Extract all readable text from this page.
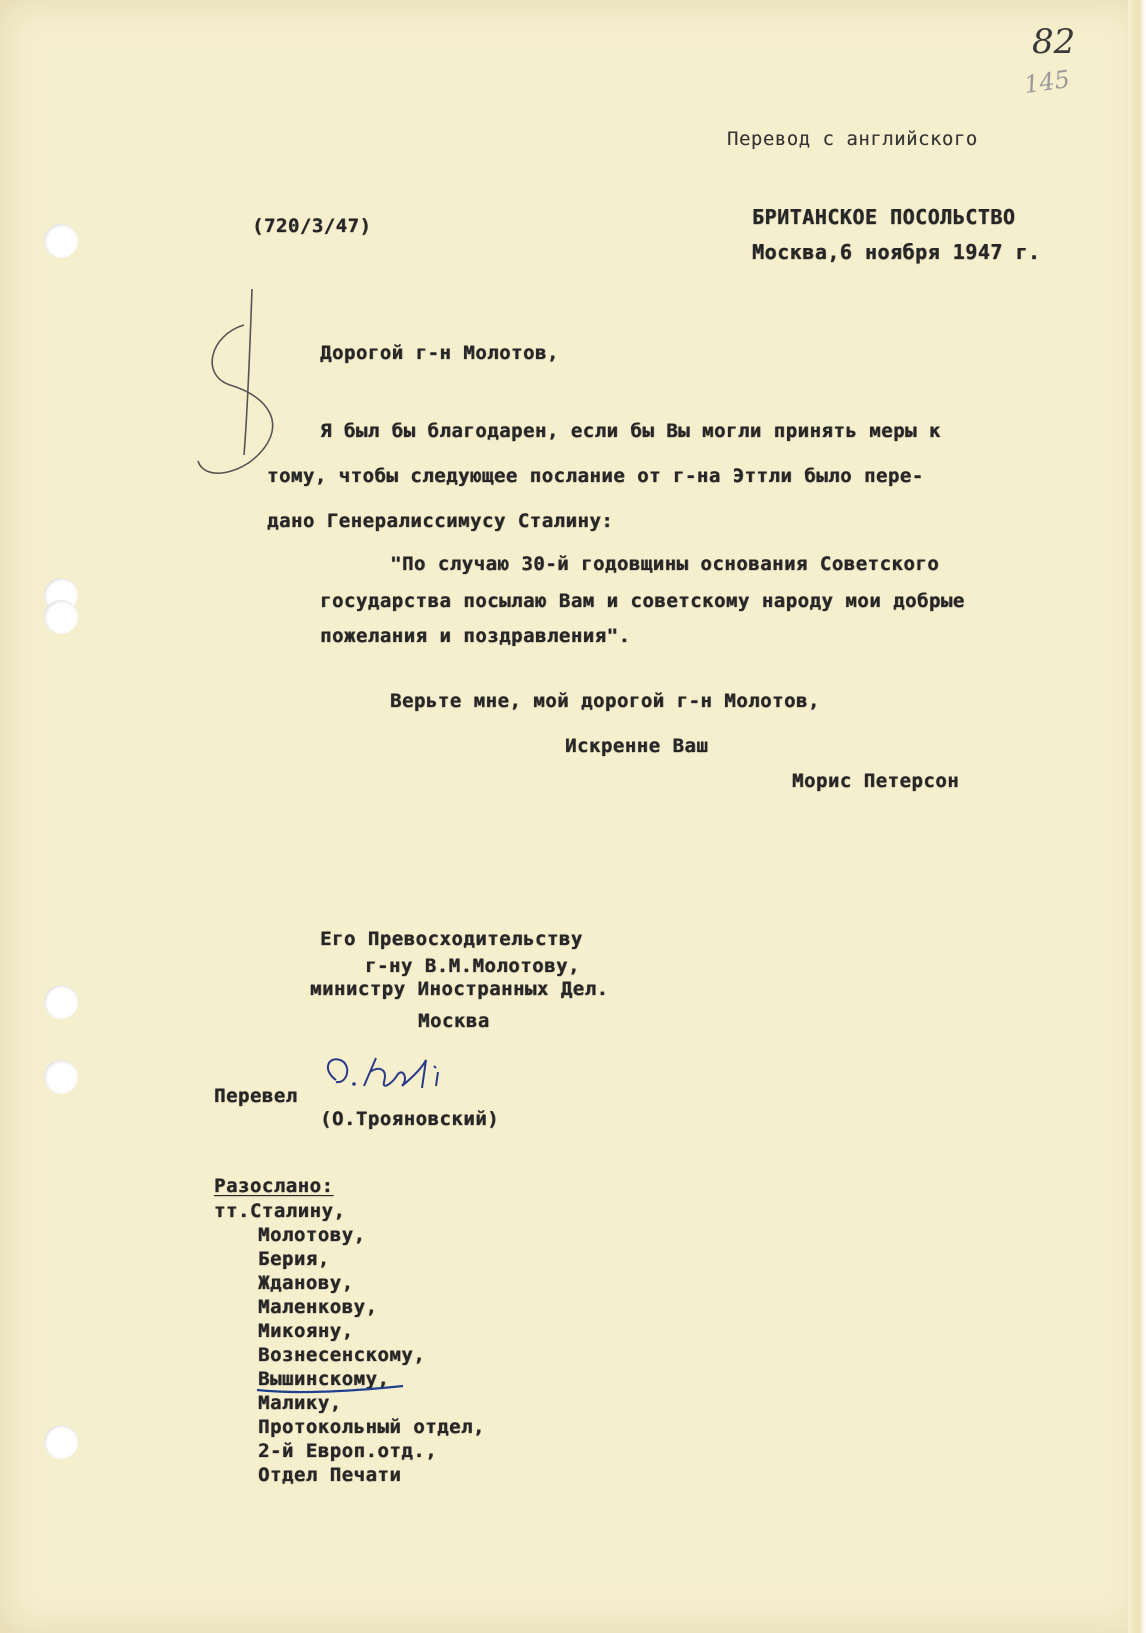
82
145
Перевод с английского
(720/3/47)	БРИТАНСКОЕ ПОСОЛЬСТВО
Москва,6 ноября 1947 г.
Дорогой г-н Молотов,
Я был бы благодарен, если бы Вы могли принять меры к
тому, чтобы следующее послание от г-на Эттли было пере-
дано Генералиссимусу Сталину:
"По случаю 30-й годовщины основания Советского
государства посылаю Вам и советскому народу мои добрые
пожелания и поздравления".
Верьте мне, мой дорогой г-н Молотов,
Искренне Ваш
Морис Петерсон
Его Превосходительству
г-ну В.М.Молотову,
министру Иностранных Дел.
Москва
Перевел
(О.Трояновский)
Разослано:
тт.Сталину,
Молотову,
Берия,
Жданову,
Маленкову,
Микояну,
Вознесенскому,
Вышинскому,
Малику,
Протокольный отдел,
2-й Европ.отд.,
Отдел Печати
